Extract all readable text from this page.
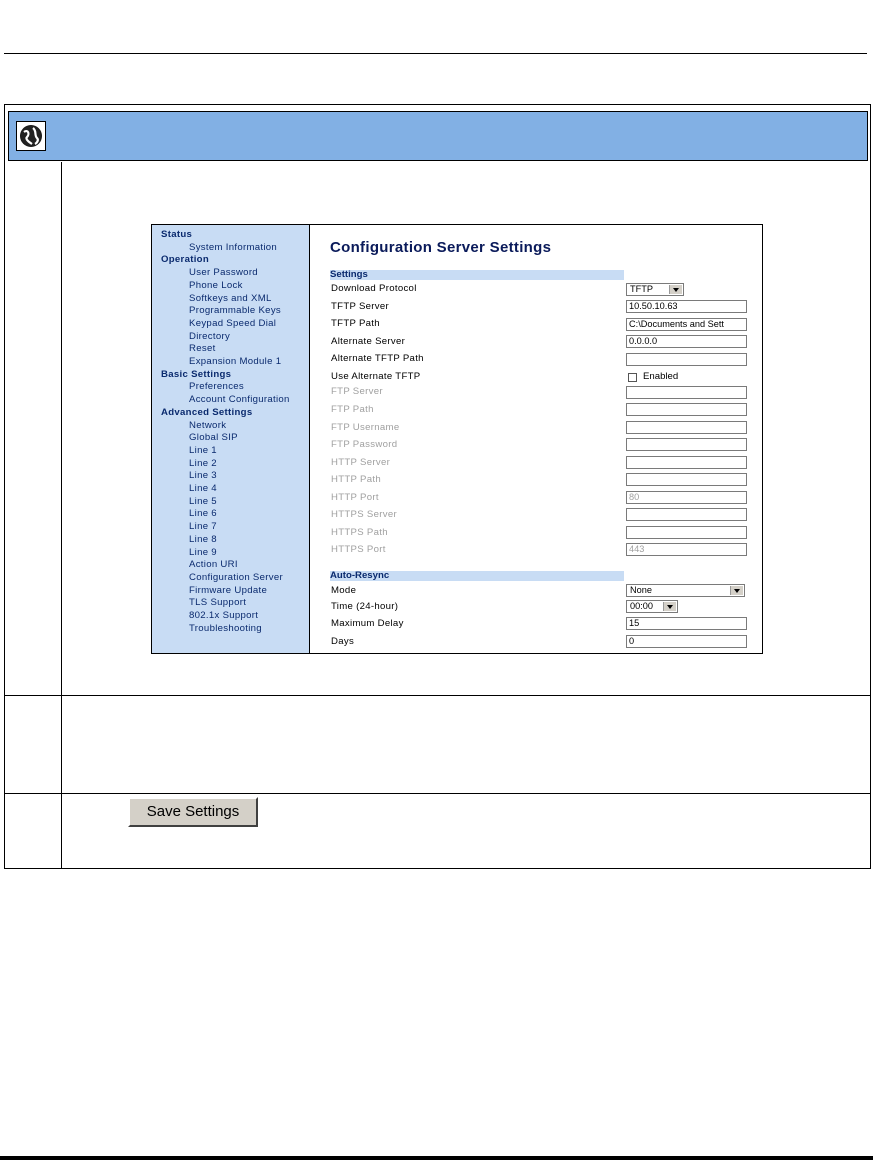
Status
System Information
Operation
User Password
Phone Lock
Softkeys and XML
Programmable Keys
Keypad Speed Dial
Directory
Reset
Expansion Module 1
Basic Settings
Preferences
Account Configuration
Advanced Settings
Network
Global SIP
Line 1
Line 2
Line 3
Line 4
Line 5
Line 6
Line 7
Line 8
Line 9
Action URI
Configuration Server
Firmware Update
TLS Support
802.1x Support
Troubleshooting
Configuration Server Settings
Settings
Download Protocol	TFTP
TFTP Server	10.50.10.63
TFTP Path	C:\Documents and Sett
Alternate Server	0.0.0.0
Alternate TFTP Path
Use Alternate TFTP	Enabled
FTP Server
FTP Path
FTP Username
FTP Password
HTTP Server
HTTP Path
HTTP Port	80
HTTPS Server
HTTPS Path
HTTPS Port	443
Auto-Resync
Mode	None
Time (24-hour)	00:00
Maximum Delay	15
Days	0
Save Settings
